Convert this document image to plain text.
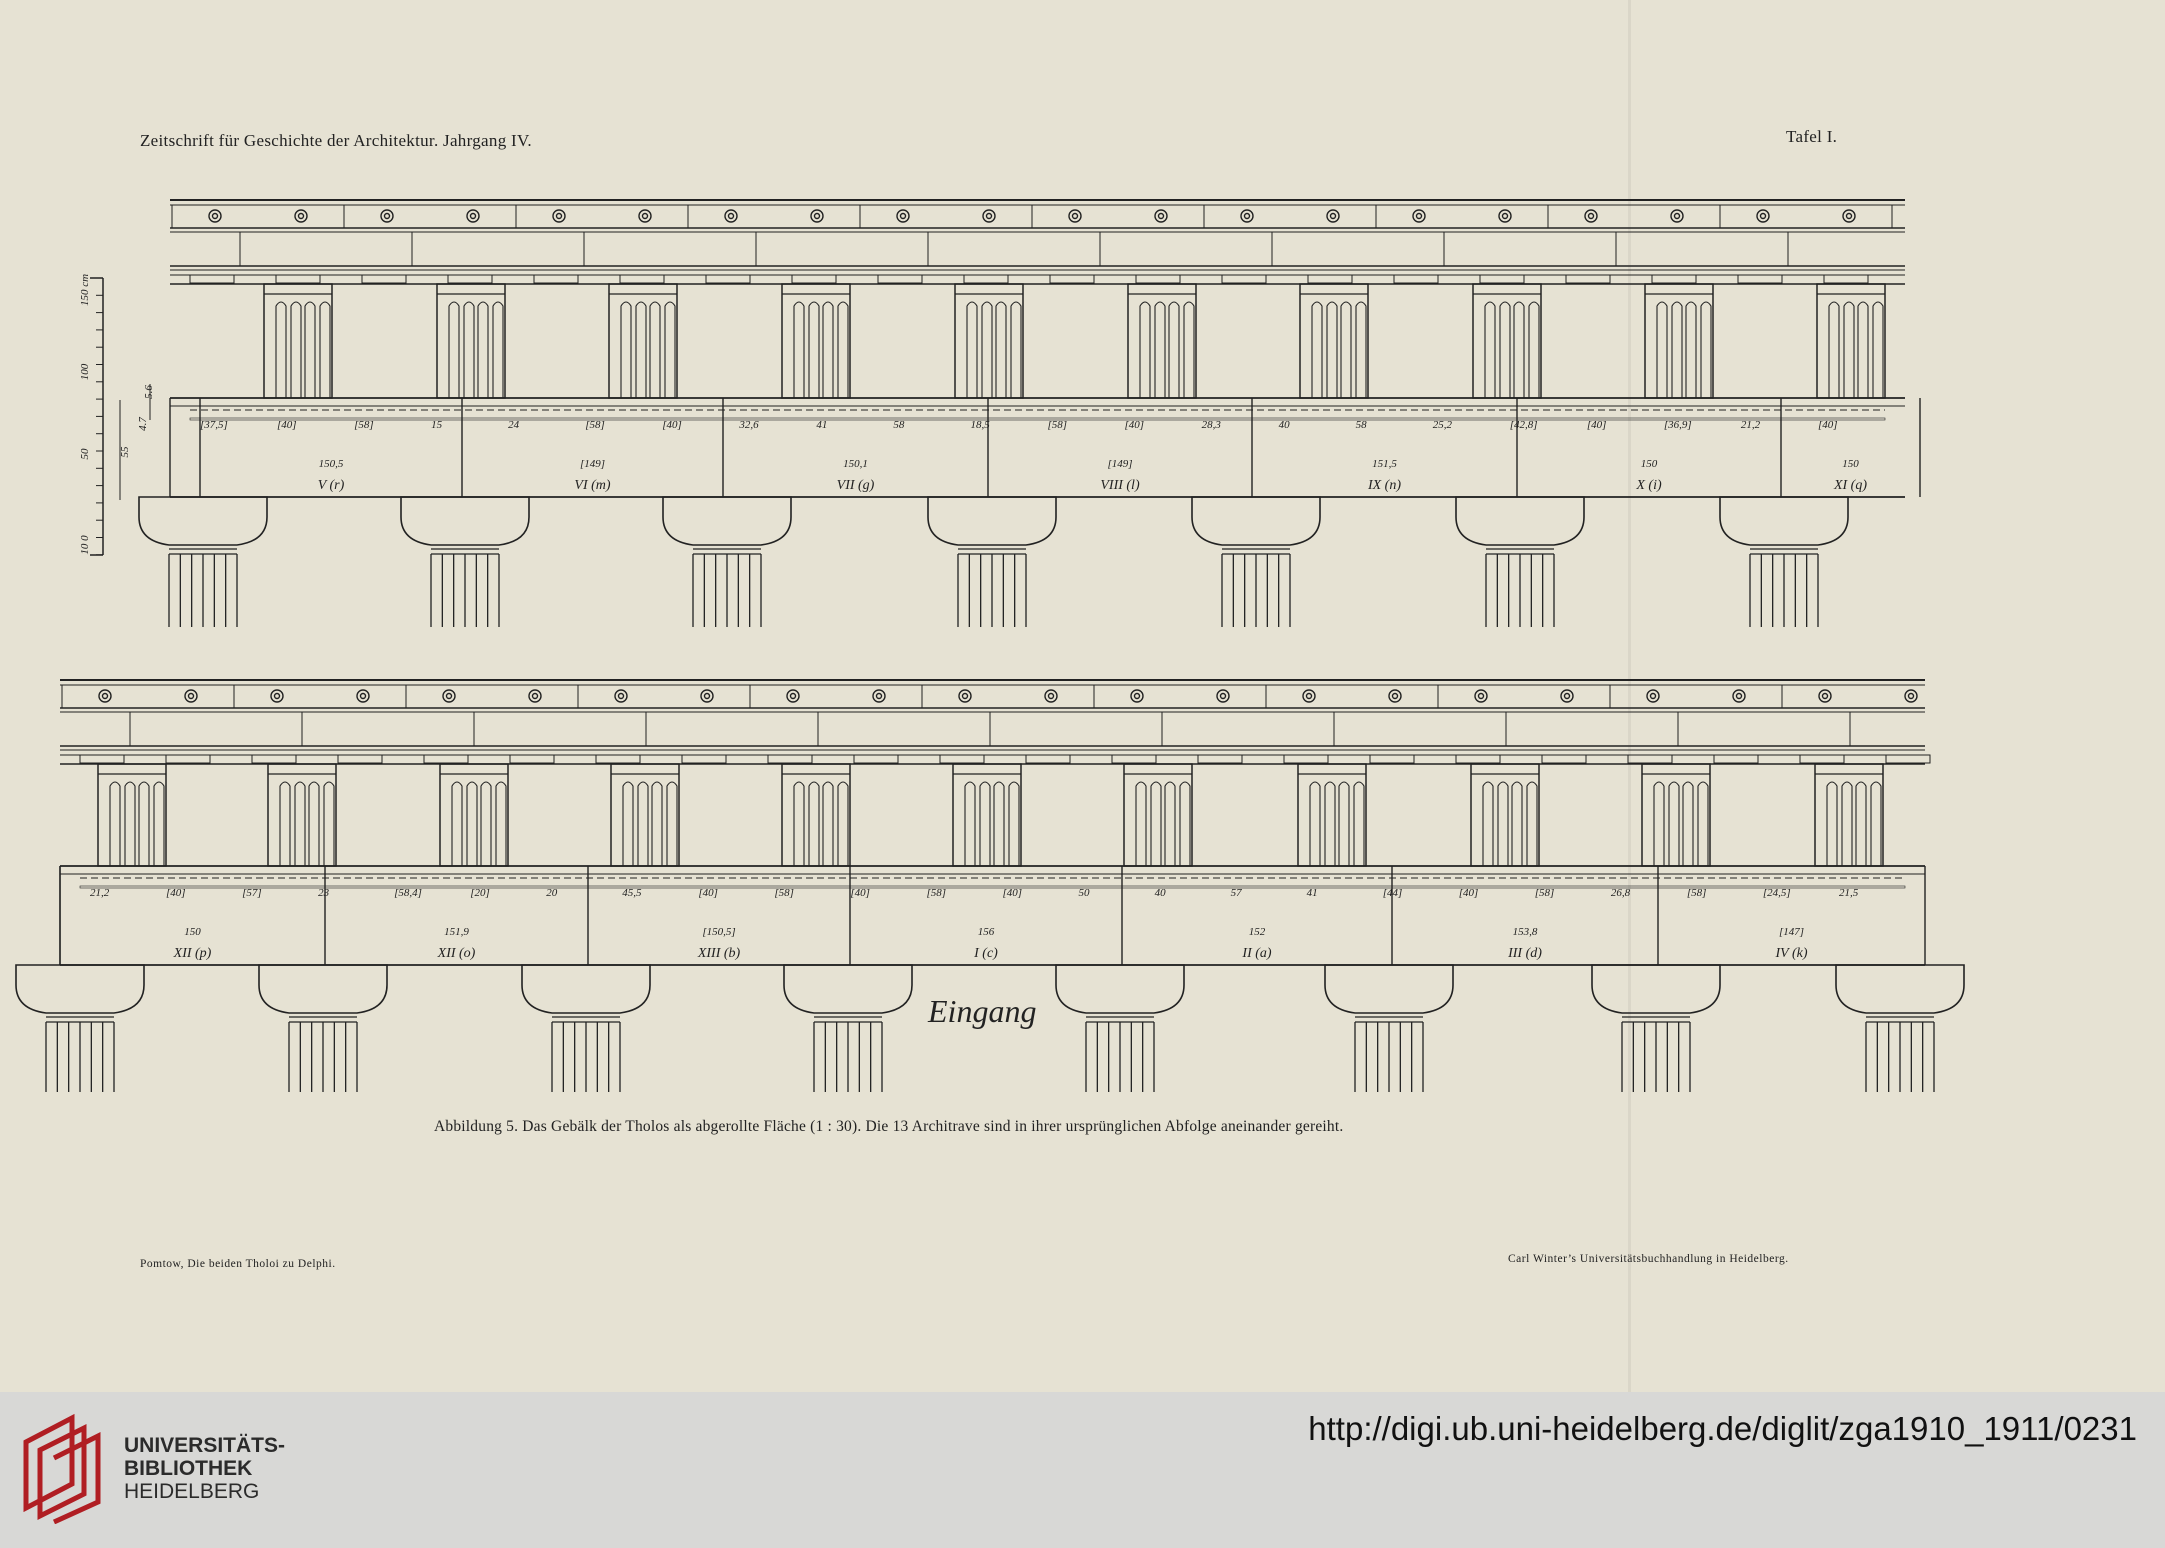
Zeitschrift für Geschichte der Architektur. Jahrgang IV.	Tafel I.
150 cm
100
50
10 0
55
4.7
5.6
V (r)
150,5
VI (m)
[149]
VII (g)
150,1
VIII (l)
[149]
IX (n)
151,5
X (i)
150
XI (q)
150
[37,5]	[40]	[58]	15	24	[58]	[40]	32,6	41	58	18,5	[58]	[40]	28,3	40	58	25,2	[42,8]	[40]	[36,9]	21,2	[40]
XII (p)
150
XII (o)
151,9
XIII (b)
[150,5]
I (c)
156
II (a)
152
III (d)
153,8
IV (k)
[147]
21,2	[40]	[57]	23	[58,4]	[20]	20	45,5	[40]	[58]	[40]	[58]	[40]	50	40	57	41	[44]	[40]	[58]	26,8	[58]	[24,5]	21,5
Eingang
Abbildung 5. Das Gebälk der Tholos als abgerollte Fläche (1 : 30). Die 13 Architrave sind in ihrer ursprünglichen Abfolge aneinander gereiht.
Pomtow, Die beiden Tholoi zu Delphi.	Carl Winter’s Universitätsbuchhandlung in Heidelberg.
UNIVERSITÄTS-
BIBLIOTHEK
HEIDELBERG
http://digi.ub.uni-heidelberg.de/diglit/zga1910_1911/0231
